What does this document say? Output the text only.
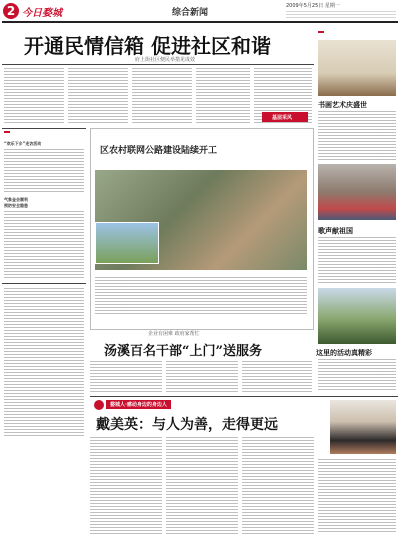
2 今日婺城	综合新闻
2009年5月25日 星期一
开通民情信箱 促进社区和谐
府上街社区便民举措见成效
基层采风
“欢乐下乡”走访活动
气象金会顺利
预防安全隐患
区农村联网公路建设陆续开工
企业有困难 政府家帮忙
汤溪百名干部“上门”送服务
书画艺术庆盛世
歌声献祖国
这里的活动真精彩
婺城人·感动身边的身边人
戴美英：与人为善，走得更远
